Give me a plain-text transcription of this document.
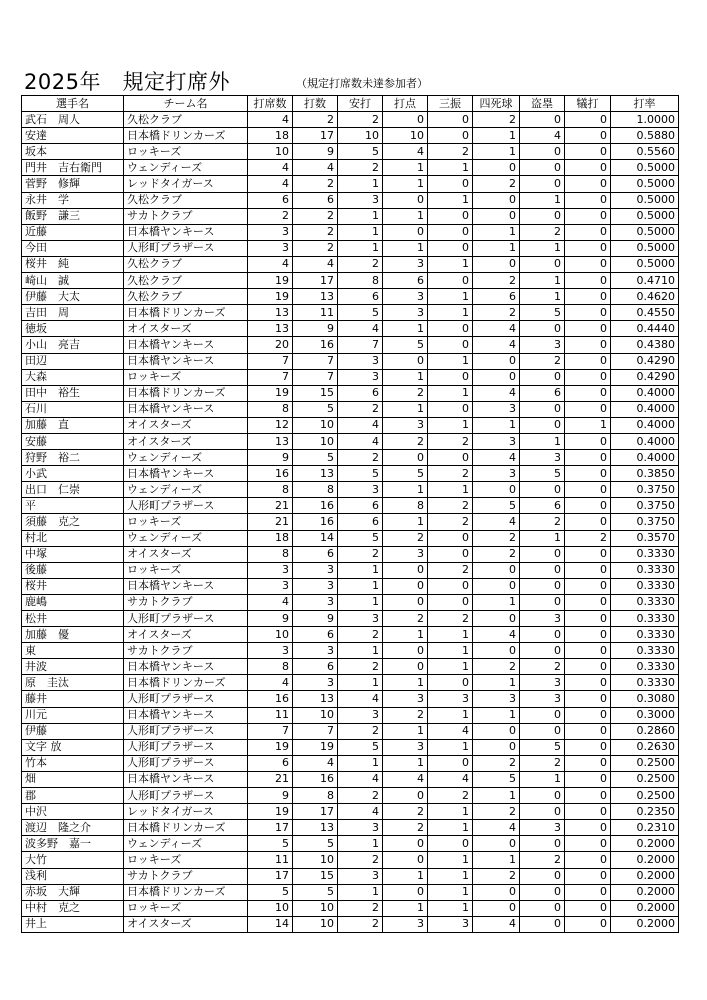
2025年　規定打席外	（規定打席数未達参加者）
選手名	チーム名	打席数	打数	安打	打点	三振	四死球	盗塁	犠打	打率
武石　周人	久松クラブ	4	2	2	0	0	2	0	0	1.0000
安達	日本橋ドリンカーズ	18	17	10	10	0	1	4	0	0.5880
坂本	ロッキーズ	10	9	5	4	2	1	0	0	0.5560
門井　吉右衛門	ウェンディーズ	4	4	2	1	1	0	0	0	0.5000
菅野　修輝	レッドタイガース	4	2	1	1	0	2	0	0	0.5000
永井　学	久松クラブ	6	6	3	0	1	0	1	0	0.5000
飯野　謙三	サカトクラブ	2	2	1	1	0	0	0	0	0.5000
近藤	日本橋ヤンキース	3	2	1	0	0	1	2	0	0.5000
今田	人形町プラザース	3	2	1	1	0	1	1	0	0.5000
桜井　純	久松クラブ	4	4	2	3	1	0	0	0	0.5000
崎山　誠	久松クラブ	19	17	8	6	0	2	1	0	0.4710
伊藤　大太	久松クラブ	19	13	6	3	1	6	1	0	0.4620
吉田　周	日本橋ドリンカーズ	13	11	5	3	1	2	5	0	0.4550
徳坂	オイスターズ	13	9	4	1	0	4	0	0	0.4440
小山　亮吉	日本橋ヤンキース	20	16	7	5	0	4	3	0	0.4380
田辺	日本橋ヤンキース	7	7	3	0	1	0	2	0	0.4290
大森	ロッキーズ	7	7	3	1	0	0	0	0	0.4290
田中　裕生	日本橋ドリンカーズ	19	15	6	2	1	4	6	0	0.4000
石川	日本橋ヤンキース	8	5	2	1	0	3	0	0	0.4000
加藤　直	オイスターズ	12	10	4	3	1	1	0	1	0.4000
安藤	オイスターズ	13	10	4	2	2	3	1	0	0.4000
狩野　裕二	ウェンディーズ	9	5	2	0	0	4	3	0	0.4000
小武	日本橋ヤンキース	16	13	5	5	2	3	5	0	0.3850
出口　仁崇	ウェンディーズ	8	8	3	1	1	0	0	0	0.3750
平	人形町プラザース	21	16	6	8	2	5	6	0	0.3750
須藤　克之	ロッキーズ	21	16	6	1	2	4	2	0	0.3750
村北	ウェンディーズ	18	14	5	2	0	2	1	2	0.3570
中塚	オイスターズ	8	6	2	3	0	2	0	0	0.3330
後藤	ロッキーズ	3	3	1	0	2	0	0	0	0.3330
桜井	日本橋ヤンキース	3	3	1	0	0	0	0	0	0.3330
鹿嶋	サカトクラブ	4	3	1	0	0	1	0	0	0.3330
松井	人形町プラザース	9	9	3	2	2	0	3	0	0.3330
加藤　優	オイスターズ	10	6	2	1	1	4	0	0	0.3330
東	サカトクラブ	3	3	1	0	1	0	0	0	0.3330
井波	日本橋ヤンキース	8	6	2	0	1	2	2	0	0.3330
原　圭汰	日本橋ドリンカーズ	4	3	1	1	0	1	3	0	0.3330
藤井	人形町プラザース	16	13	4	3	3	3	3	0	0.3080
川元	日本橋ヤンキース	11	10	3	2	1	1	0	0	0.3000
伊藤	人形町プラザース	7	7	2	1	4	0	0	0	0.2860
文字 放	人形町プラザース	19	19	5	3	1	0	5	0	0.2630
竹本	人形町プラザース	6	4	1	1	0	2	2	0	0.2500
畑	日本橋ヤンキース	21	16	4	4	4	5	1	0	0.2500
郡	人形町プラザース	9	8	2	0	2	1	0	0	0.2500
中沢	レッドタイガース	19	17	4	2	1	2	0	0	0.2350
渡辺　隆之介	日本橋ドリンカーズ	17	13	3	2	1	4	3	0	0.2310
波多野　嘉一	ウェンディーズ	5	5	1	0	0	0	0	0	0.2000
大竹	ロッキーズ	11	10	2	0	1	1	2	0	0.2000
浅利	サカトクラブ	17	15	3	1	1	2	0	0	0.2000
赤坂　大輝	日本橋ドリンカーズ	5	5	1	0	1	0	0	0	0.2000
中村　克之	ロッキーズ	10	10	2	1	1	0	0	0	0.2000
井上	オイスターズ	14	10	2	3	3	4	0	0	0.2000
